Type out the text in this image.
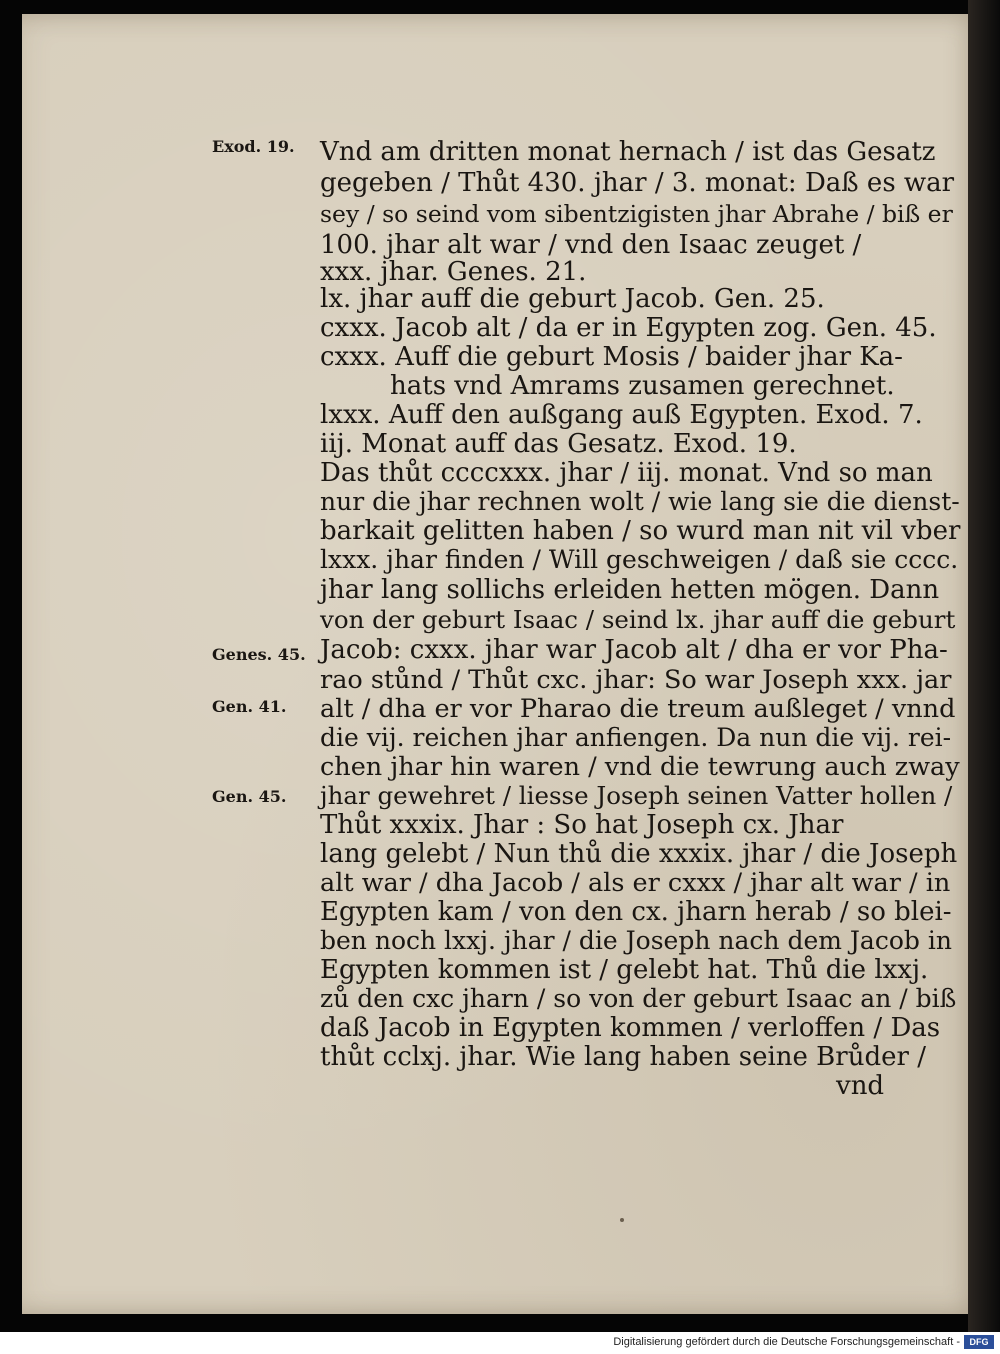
Exod. 19.
Genes. 45.
Gen. 41.
Gen. 45.
Vnd am dritten monat hernach / ist das Gesatz
gegeben / Thůt 430. jhar / 3. monat: Daß es war
sey / so seind vom sibentzigisten jhar Abrahe / biß er
100. jhar alt war / vnd den Isaac zeuget /
xxx. jhar. Genes. 21.
lx. jhar auff die geburt Jacob. Gen. 25.
cxxx. Jacob alt / da er in Egypten zog. Gen. 45.
cxxx. Auff die geburt Mosis / baider jhar Ka-
hats vnd Amrams zusamen gerechnet.
lxxx. Auff den außgang auß Egypten. Exod. 7.
iij. Monat auff das Gesatz. Exod. 19.
Das thůt ccccxxx. jhar / iij. monat. Vnd so man
nur die jhar rechnen wolt / wie lang sie die dienst-
barkait gelitten haben / so wurd man nit vil vber
lxxx. jhar finden / Will geschweigen / daß sie cccc.
jhar lang sollichs erleiden hetten mögen. Dann
von der geburt Isaac / seind lx. jhar auff die geburt
Jacob: cxxx. jhar war Jacob alt / dha er vor Pha-
rao stůnd / Thůt cxc. jhar: So war Joseph xxx. jar
alt / dha er vor Pharao die treum außleget / vnnd
die vij. reichen jhar anfiengen. Da nun die vij. rei-
chen jhar hin waren / vnd die tewrung auch zway
jhar gewehret / liesse Joseph seinen Vatter hollen /
Thůt xxxix. Jhar : So hat Joseph cx. Jhar
lang gelebt / Nun thů die xxxix. jhar / die Joseph
alt war / dha Jacob / als er cxxx / jhar alt war / in
Egypten kam / von den cx. jharn herab / so blei-
ben noch lxxj. jhar / die Joseph nach dem Jacob in
Egypten kommen ist / gelebt hat. Thů die lxxj.
zů den cxc jharn / so von der geburt Isaac an / biß
daß Jacob in Egypten kommen / verloffen / Das
thůt cclxj. jhar. Wie lang haben seine Brůder /
vnd
Digitalisierung gefördert durch die Deutsche Forschungsgemeinschaft -	DFG
